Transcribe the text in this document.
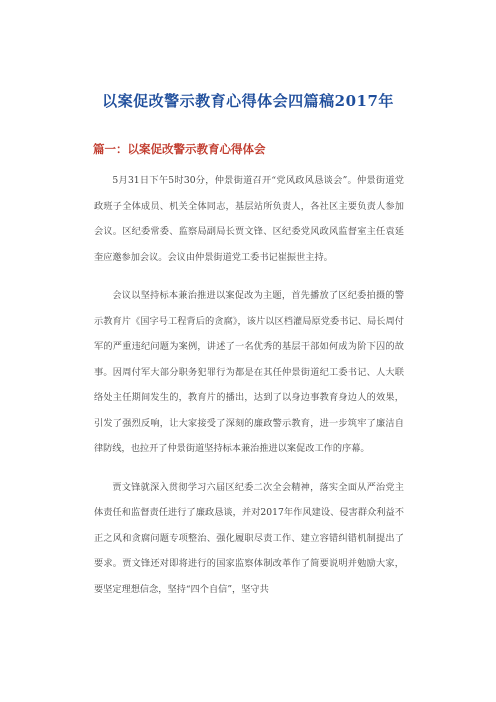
以案促改警示教育心得体会四篇稿2017年
篇一：以案促改警示教育心得体会

5月31日下午5时30分，仲景街道召开“党风政风恳谈会”。仲景街道党政班子全体成员、机关全体同志，基层站所负责人，各社区主要负责人参加会议。区纪委常委、监察局副局长贾文锋、区纪委党风政风监督室主任袁延奎应邀参加会议。会议由仲景街道党工委书记崔振世主持。

会议以坚持标本兼治推进以案促改为主题，首先播放了区纪委拍摄的警示教育片《国字号工程背后的贪腐》，该片以区档灌局原党委书记、局长周付军的严重违纪问题为案例，讲述了一名优秀的基层干部如何成为阶下囚的故事。因周付军大部分职务犯罪行为都是在其任仲景街道纪工委书记、人大联络处主任期间发生的，教育片的播出，达到了以身边事教育身边人的效果，引发了强烈反响，让大家接受了深刻的廉政警示教育，进一步筑牢了廉洁自律防线，也拉开了仲景街道坚持标本兼治推进以案促改工作的序幕。

贾文锋就深入贯彻学习六届区纪委二次全会精神，落实全面从严治党主体责任和监督责任进行了廉政恳谈，并对2017年作风建设、侵害群众利益不正之风和贪腐问题专项整治、强化履职尽责工作、建立容错纠错机制提出了要求。贾文锋还对即将进行的国家监察体制改革作了简要说明并勉励大家，要坚定理想信念，坚持“四个自信”，坚守共
